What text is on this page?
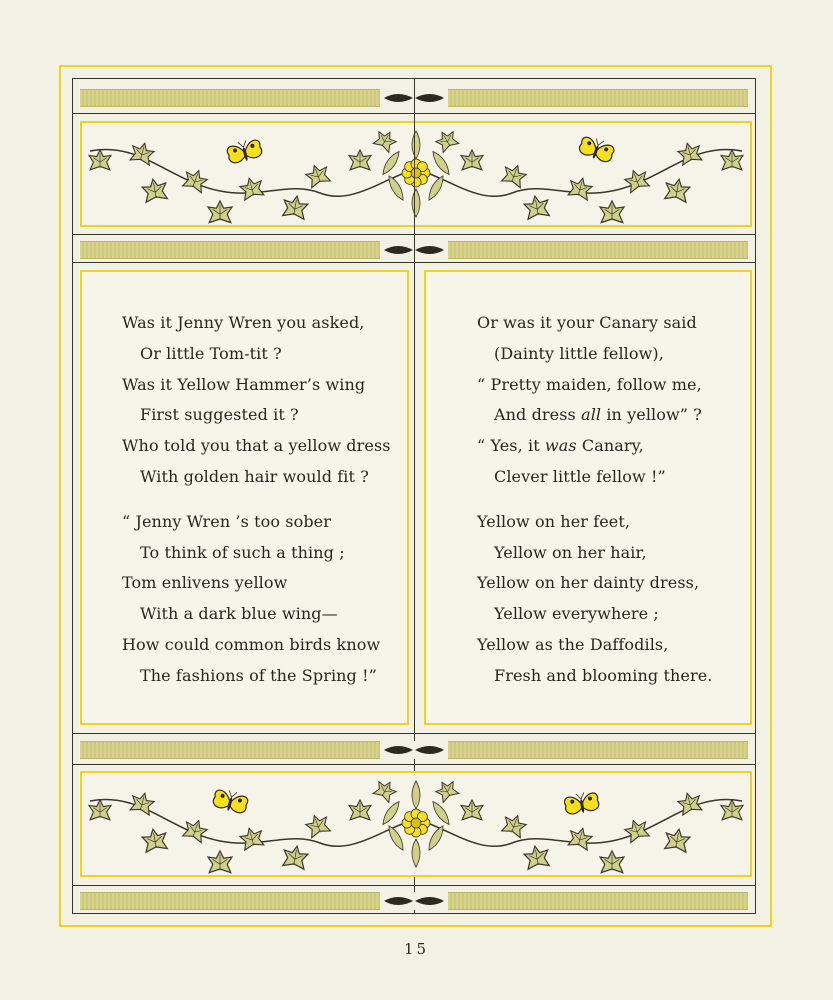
Was it Jenny Wren you asked,
Or little Tom-tit ?
Was it Yellow Hammer’s wing
First suggested it ?
Who told you that a yellow dress
With golden hair would fit ?
“ Jenny Wren ’s too sober
To think of such a thing ;
Tom enlivens yellow
With a dark blue wing—
How could common birds know
The fashions of the Spring !”
Or was it your Canary said
(Dainty little fellow),
“ Pretty maiden, follow me,
And dress all in yellow” ?
“ Yes, it was Canary,
Clever little fellow !”
Yellow on her feet,
Yellow on her hair,
Yellow on her dainty dress,
Yellow everywhere ;
Yellow as the Daffodils,
Fresh and blooming there.
15
